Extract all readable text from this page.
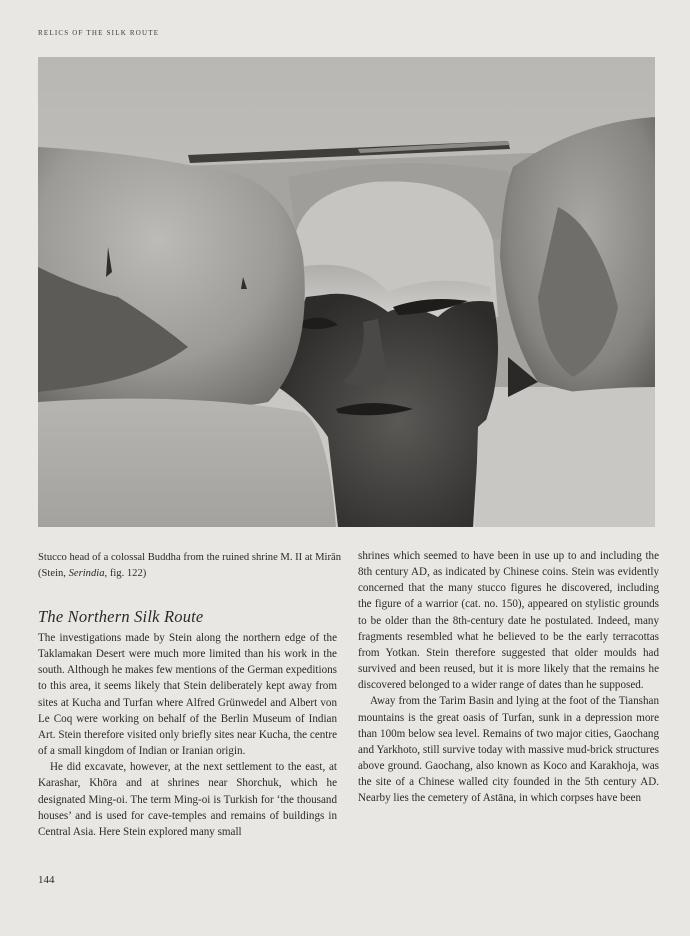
RELICS OF THE SILK ROUTE
Stucco head of a colossal Buddha from the ruined shrine M. II at Mirān (Stein, Serindia, fig. 122)
The Northern Silk Route

The investigations made by Stein along the northern edge of the Taklamakan Desert were much more limited than his work in the south. Although he makes few mentions of the German expeditions to this area, it seems likely that Stein deliberately kept away from sites at Kucha and Turfan where Alfred Grünwedel and Albert von Le Coq were working on behalf of the Berlin Museum of Indian Art. Stein therefore visited only briefly sites near Kucha, the centre of a small kingdom of Indian or Iranian origin.

He did excavate, however, at the next settlement to the east, at Karashar, Khōra and at shrines near Shorchuk, which he designated Ming-oi. The term Ming-oi is Turkish for ‘the thousand houses’ and is used for cave-temples and remains of buildings in Central Asia. Here Stein explored many small

shrines which seemed to have been in use up to and including the 8th century AD, as indicated by Chinese coins. Stein was evidently concerned that the many stucco figures he discovered, including the figure of a warrior (cat. no. 150), appeared on stylistic grounds to be older than the 8th-century date he postulated. Indeed, many fragments resembled what he believed to be the early terracottas from Yotkan. Stein therefore suggested that older moulds had survived and been reused, but it is more likely that the remains he discovered belonged to a wider range of dates than he supposed.

Away from the Tarim Basin and lying at the foot of the Tianshan mountains is the great oasis of Turfan, sunk in a depression more than 100m below sea level. Remains of two major cities, Gaochang and Yarkhoto, still survive today with massive mud-brick structures above ground. Gaochang, also known as Koco and Karakhoja, was the site of a Chinese walled city founded in the 5th century AD. Nearby lies the cemetery of Astāna, in which corpses have been

144
